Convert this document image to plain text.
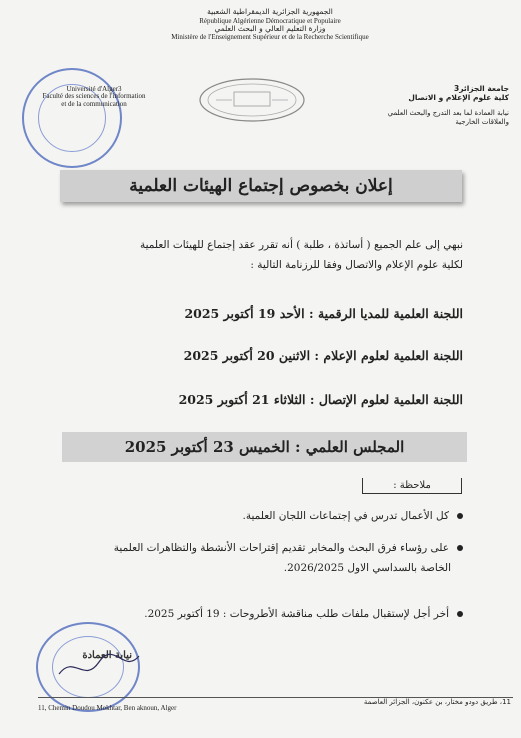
الجمهورية الجزائرية الديمقراطية الشعبية
République Algérienne Démocratique et Populaire
وزارة التعليم العالي و البحث العلمي
Ministère de l'Enseignement Supérieur et de la Recherche Scientifique
Université d'Alger3
Faculté des sciences de l'information
et de la communication
جامعة الجزائر3
كلية علوم الإعلام و الاتصال
نيابة العمادة لما بعد التدرج والبحث العلمي
والعلاقات الخارجية
إعلان بخصوص إجتماع الهيئات العلمية
نبهي إلى علم الجميع ( أساتذة ، طلبة ) أنه تقرر عقد إجتماع للهيئات العلمية
لكلية علوم الإعلام والاتصال وفقا للرزنامة التالية :
اللجنة العلمية للمديا الرقمية : الأحد 19 أكتوبر 2025
اللجنة العلمية لعلوم الإعلام : الاثنين 20 أكتوبر 2025
اللجنة العلمية لعلوم الإتصال : الثلاثاء 21 أكتوبر 2025
المجلس العلمي : الخميس 23 أكتوبر 2025
ملاحظة :
كل الأعمال تدرس في إجتماعات اللجان العلمية.
على رؤساء فرق البحث والمخابر تقديم إقتراحات الأنشطة والتظاهرات العلمية
الخاصة بالسداسي الاول 2026/2025.
أخر أجل لإستقبال ملفات طلب مناقشة الأطروحات : 19 أكتوبر 2025.
نيابة العمادة
11, Chemin Doudou Mokhtar, Ben aknoun, Alger
11، طريق دودو مختار، بن عكنون، الجزائر العاصمة
